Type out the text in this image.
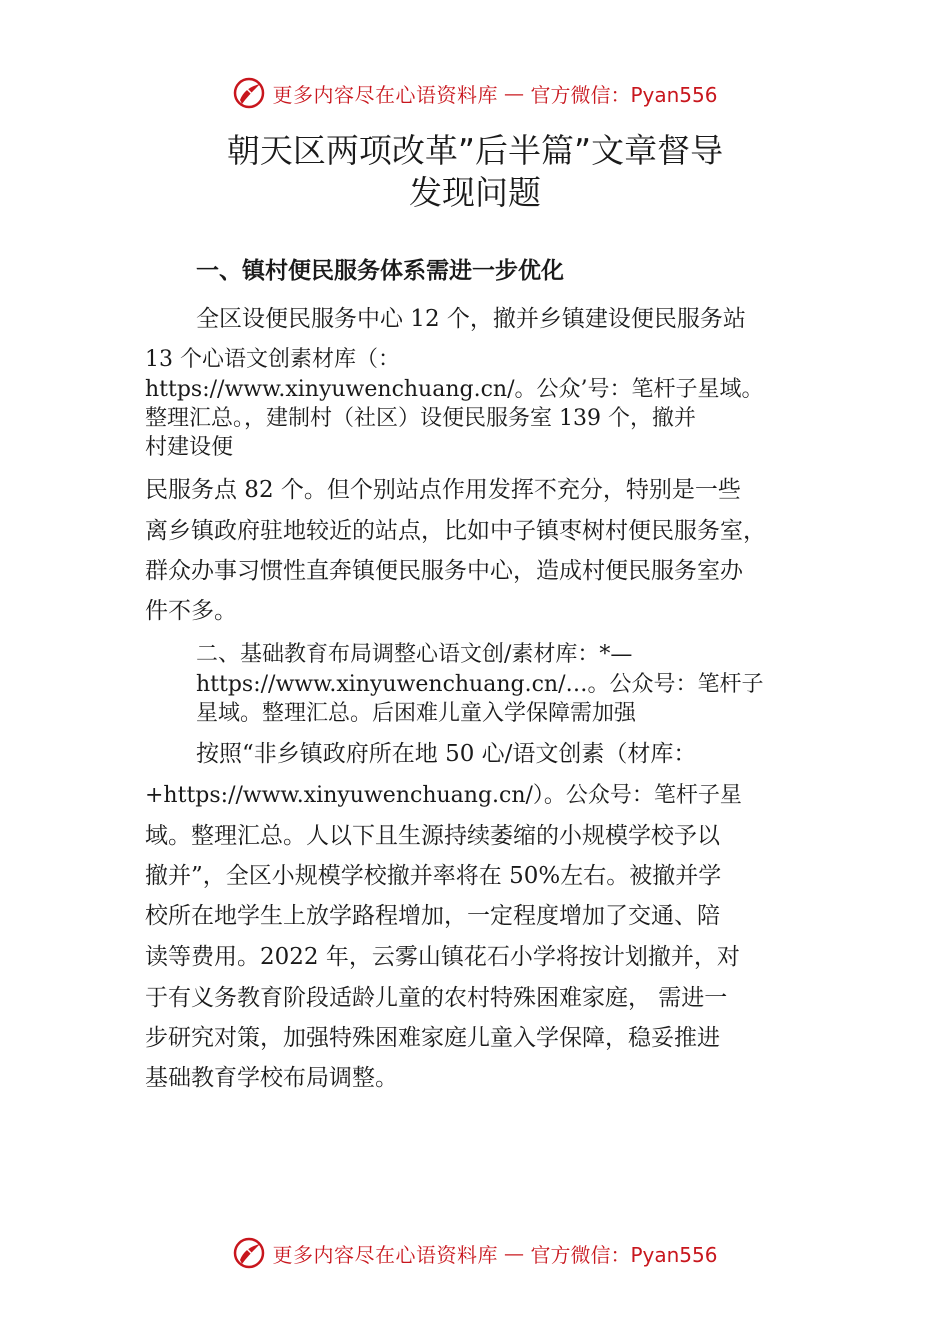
更多内容尽在心语资料库 — 官方微信：Pyan556
朝天区两项改革”后半篇”文章督导
发现问题

一、镇村便民服务体系需进一步优化

全区设便民服务中心 12 个，撤并乡镇建设便民服务站

13 个心语文创素材库（：

https://www.xinyuwenchuang.cn/。公众’号：笔杆子星域。

整理汇总。，建制村（社区）设便民服务室 139 个，撤并

村建设便

民服务点 82 个。但个别站点作用发挥不充分，特别是一些

离乡镇政府驻地较近的站点，比如中子镇枣树村便民服务室，

群众办事习惯性直奔镇便民服务中心，造成村便民服务室办

件不多。

二、基础教育布局调整心语文创/素材库：*—

https://www.xinyuwenchuang.cn/…。公众号：笔杆子

星域。整理汇总。后困难儿童入学保障需加强

按照“非乡镇政府所在地 50 心/语文创素（材库：

+https://www.xinyuwenchuang.cn/）。公众号：笔杆子星

域。整理汇总。人以下且生源持续萎缩的小规模学校予以

撤并”，全区小规模学校撤并率将在 50%左右。被撤并学

校所在地学生上放学路程增加，一定程度增加了交通、陪

读等费用。2022 年，云雾山镇花石小学将按计划撤并，对

于有义务教育阶段适龄儿童的农村特殊困难家庭， 需进一

步研究对策，加强特殊困难家庭儿童入学保障，稳妥推进

基础教育学校布局调整。

更多内容尽在心语资料库 — 官方微信：Pyan556
